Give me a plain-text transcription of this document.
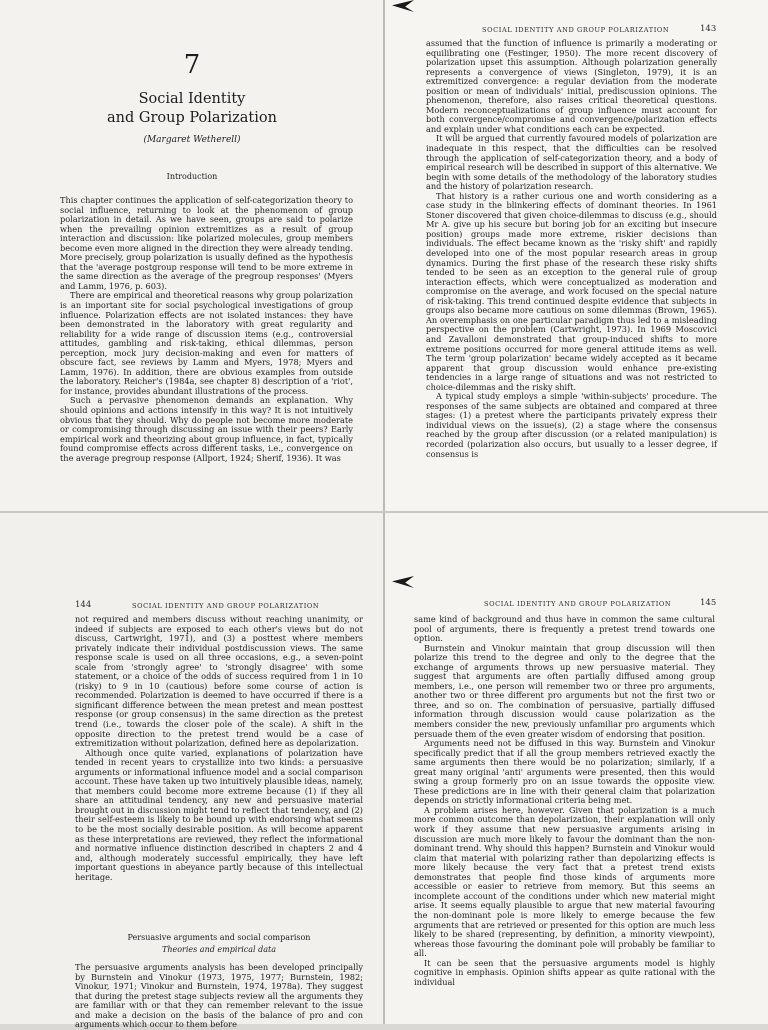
7
Social Identity
and Group Polarization
(Margaret Wetherell)
Introduction

This chapter continues the application of self-categorization theory to social influence, returning to look at the phenomenon of group polarization in detail. As we have seen, groups are said to polarize when the prevailing opinion extremitizes as a result of group interaction and discussion: like polarized molecules, group members become even more aligned in the direction they were already tending. More precisely, group polarization is usually defined as the hypothesis that the 'average postgroup response will tend to be more extreme in the same direction as the average of the pregroup responses' (Myers and Lamm, 1976, p. 603).

There are empirical and theoretical reasons why group polarization is an important site for social psychological investigations of group influence. Polarization effects are not isolated instances: they have been demonstrated in the laboratory with great regularity and reliability for a wide range of discussion items (e.g., controversial attitudes, gambling and risk-taking, ethical dilemmas, person perception, mock jury decision-making and even for matters of obscure fact, see reviews by Lamm and Myers, 1978; Myers and Lamm, 1976). In addition, there are obvious examples from outside the laboratory. Reicher's (1984a, see chapter 8) description of a 'riot', for instance, provides abundant illustrations of the process.

Such a pervasive phenomenon demands an explanation. Why should opinions and actions intensify in this way? It is not intuitively obvious that they should. Why do people not become more moderate or compromising through discussing an issue with their peers? Early empirical work and theorizing about group influence, in fact, typically found compromise effects across different tasks, i.e., convergence on the average pregroup response (Allport, 1924; Sherif, 1936). It was

SOCIAL IDENTITY AND GROUP POLARIZATION	143

assumed that the function of influence is primarily a moderating or equilibrating one (Festinger, 1950). The more recent discovery of polarization upset this assumption. Although polarization generally represents a convergence of views (Singleton, 1979), it is an extremitized convergence: a regular deviation from the moderate position or mean of individuals' initial, prediscussion opinions. The phenomenon, therefore, also raises critical theoretical questions. Modern reconceptualizations of group influence must account for both convergence/compromise and convergence/polarization effects and explain under what conditions each can be expected.

It will be argued that currently favoured models of polarization are inadequate in this respect, that the difficulties can be resolved through the application of self-categorization theory, and a body of empirical research will be described in support of this alternative. We begin with some details of the methodology of the laboratory studies and the history of polarization research.

That history is a rather curious one and worth considering as a case study in the blinkering effects of dominant theories. In 1961 Stoner discovered that given choice-dilemmas to discuss (e.g., should Mr A. give up his secure but boring job for an exciting but insecure position) groups made more extreme, riskier decisions than individuals. The effect became known as the 'risky shift' and rapidly developed into one of the most popular research areas in group dynamics. During the first phase of the research these risky shifts tended to be seen as an exception to the general rule of group interaction effects, which were conceptualized as moderation and compromise on the average, and work focused on the special nature of risk-taking. This trend continued despite evidence that subjects in groups also became more cautious on some dilemmas (Brown, 1965). An overemphasis on one particular paradigm thus led to a misleading perspective on the problem (Cartwright, 1973). In 1969 Moscovici and Zavalloni demonstrated that group-induced shifts to more extreme positions occurred for more general attitude items as well. The term 'group polarization' became widely accepted as it became apparent that group discussion would enhance pre-existing tendencies in a large range of situations and was not restricted to choice-dilemmas and the risky shift.

A typical study employs a simple 'within-subjects' procedure. The responses of the same subjects are obtained and compared at three stages: (1) a pretest where the participants privately express their individual views on the issue(s), (2) a stage where the consensus reached by the group after discussion (or a related manipulation) is recorded (polarization also occurs, but usually to a lesser degree, if consensus is

144	SOCIAL IDENTITY AND GROUP POLARIZATION

not required and members discuss without reaching unanimity, or indeed if subjects are exposed to each other's views but do not discuss, Cartwright, 1971), and (3) a posttest where members privately indicate their individual postdiscussion views. The same response scale is used on all three occasions, e.g., a seven-point scale from 'strongly agree' to 'strongly disagree' with some statement, or a choice of the odds of success required from 1 in 10 (risky) to 9 in 10 (cautious) before some course of action is recommended. Polarization is deemed to have occurred if there is a significant difference between the mean pretest and mean posttest response (or group consensus) in the same direction as the pretest trend (i.e., towards the closer pole of the scale). A shift in the opposite direction to the pretest trend would be a case of extremitization without polarization, defined here as depolarization.

Although once quite varied, explanations of polarization have tended in recent years to crystallize into two kinds: a persuasive arguments or informational influence model and a social comparison account. These have taken up two intuitively plausible ideas, namely, that members could become more extreme because (1) if they all share an attitudinal tendency, any new and persuasive material brought out in discussion might tend to reflect that tendency, and (2) their self-esteem is likely to be bound up with endorsing what seems to be the most socially desirable position. As will become apparent as these interpretations are reviewed, they reflect the informational and normative influence distinction described in chapters 2 and 4 and, although moderately successful empirically, they have left important questions in abeyance partly because of this intellectual heritage.

Persuasive arguments and social comparison
Theories and empirical data

The persuasive arguments analysis has been developed principally by Burnstein and Vinokur (1973, 1975, 1977; Burnstein, 1982; Vinokur, 1971; Vinokur and Burnstein, 1974, 1978a). They suggest that during the pretest stage subjects review all the arguments they are familiar with or that they can remember relevant to the issue and make a decision on the basis of the balance of pro and con arguments which occur to them before

SOCIAL IDENTITY AND GROUP POLARIZATION	145

same kind of background and thus have in common the same cultural pool of arguments, there is frequently a pretest trend towards one option.

Burnstein and Vinokur maintain that group discussion will then polarize this trend to the degree and only to the degree that the exchange of arguments throws up new persuasive material. They suggest that arguments are often partially diffused among group members, i.e., one person will remember two or three pro arguments, another two or three different pro arguments but not the first two or three, and so on. The combination of persuasive, partially diffused information through discussion would cause polarization as the members consider the new, previously unfamiliar pro arguments which persuade them of the even greater wisdom of endorsing that position.

Arguments need not be diffused in this way. Burnstein and Vinokur specifically predict that if all the group members retrieved exactly the same arguments then there would be no polarization; similarly, if a great many original 'anti' arguments were presented, then this would swing a group formerly pro on an issue towards the opposite view. These predictions are in line with their general claim that polarization depends on strictly informational criteria being met.

A problem arises here, however. Given that polarization is a much more common outcome than depolarization, their explanation will only work if they assume that new persuasive arguments arising in discussion are much more likely to favour the dominant than the non-dominant trend. Why should this happen? Burnstein and Vinokur would claim that material with polarizing rather than depolarizing effects is more likely because the very fact that a pretest trend exists demonstrates that people find those kinds of arguments more accessible or easier to retrieve from memory. But this seems an incomplete account of the conditions under which new material might arise. It seems equally plausible to argue that new material favouring the non-dominant pole is more likely to emerge because the few arguments that are retrieved or presented for this option are much less likely to be shared (representing, by definition, a minority viewpoint), whereas those favouring the dominant pole will probably be familiar to all.

It can be seen that the persuasive arguments model is highly cognitive in emphasis. Opinion shifts appear as quite rational with the individual
